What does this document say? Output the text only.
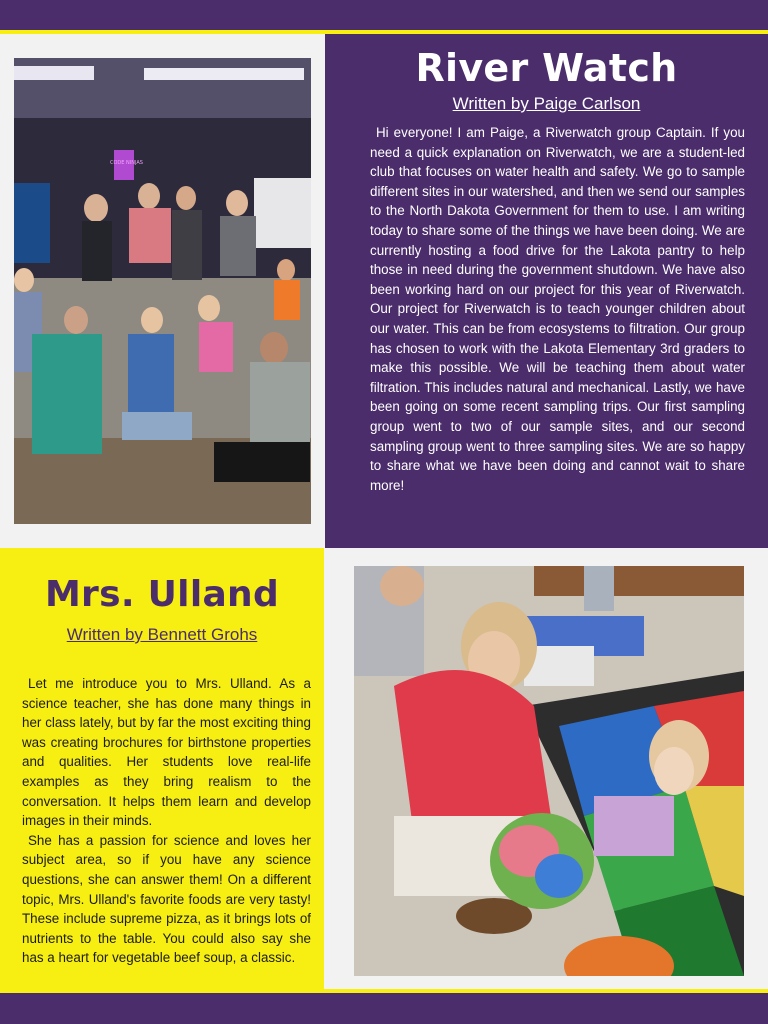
CODE NINJAS
River Watch
Written by Paige Carlson

Hi everyone! I am Paige, a Riverwatch group Captain. If you need a quick explanation on Riverwatch, we are a student-led club that focuses on water health and safety. We go to sample different sites in our watershed, and then we send our samples to the North Dakota Government for them to use. I am writing today to share some of the things we have been doing. We are currently hosting a food drive for the Lakota pantry to help those in need during the government shutdown. We have also been working hard on our project for this year of Riverwatch. Our project for Riverwatch is to teach younger children about our water. This can be from ecosystems to filtration. Our group has chosen to work with the Lakota Elementary 3rd graders to make this possible. We will be teaching them about water filtration. This includes natural and mechanical. Lastly, we have been going on some recent sampling trips. Our first sampling group went to two of our sample sites, and our second sampling group went to three sampling sites. We are so happy to share what we have been doing and cannot wait to share more!

Mrs. Ulland
Written by Bennett Grohs

Let me introduce you to Mrs. Ulland. As a science teacher, she has done many things in her class lately, but by far the most exciting thing was creating brochures for birthstone properties and qualities. Her students love real-life examples as they bring realism to the conversation. It helps them learn and develop images in their minds.

She has a passion for science and loves her subject area, so if you have any science questions, she can answer them! On a different topic, Mrs. Ulland's favorite foods are very tasty! These include supreme pizza, as it brings lots of nutrients to the table. You could also say she has a heart for vegetable beef soup, a classic.
